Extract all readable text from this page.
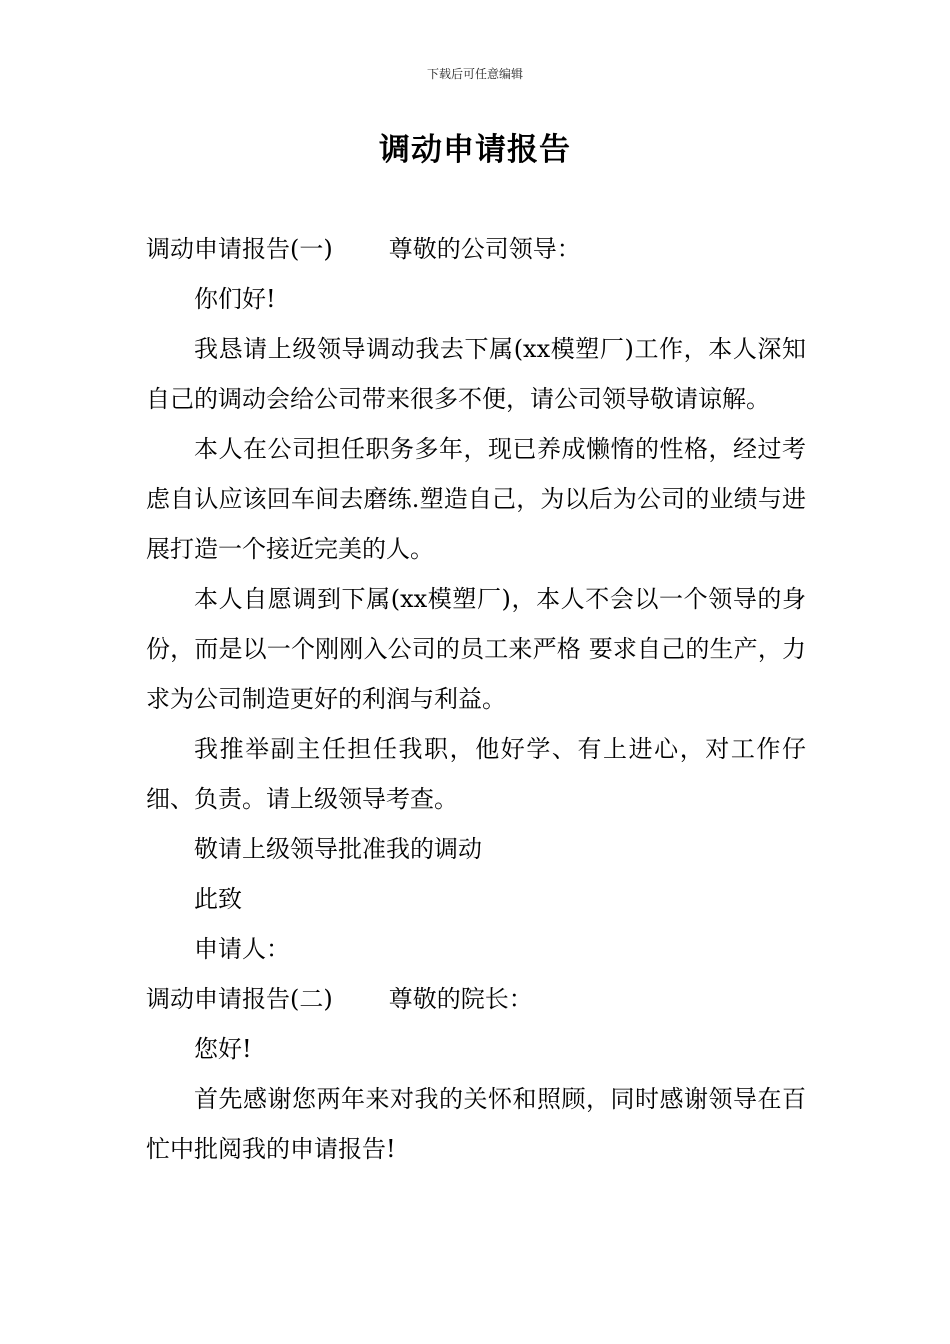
下载后可任意编辑
调动申请报告

调动申请报告(一) 尊敬的公司领导：

你们好!

我恳请上级领导调动我去下属(xx模塑厂)工作，本人深知自己的调动会给公司带来很多不便，请公司领导敬请谅解。

本人在公司担任职务多年，现已养成懒惰的性格，经过考虑自认应该回车间去磨练.塑造自己，为以后为公司的业绩与进展打造一个接近完美的人。

本人自愿调到下属(xx模塑厂)，本人不会以一个领导的身份，而是以一个刚刚入公司的员工来严格 要求自己的生产，力求为公司制造更好的利润与利益。

我推举副主任担任我职，他好学、有上进心，对工作仔细、负责。请上级领导考查。

敬请上级领导批准我的调动

此致

申请人：

调动申请报告(二) 尊敬的院长：

您好!

首先感谢您两年来对我的关怀和照顾，同时感谢领导在百忙中批阅我的申请报告!
